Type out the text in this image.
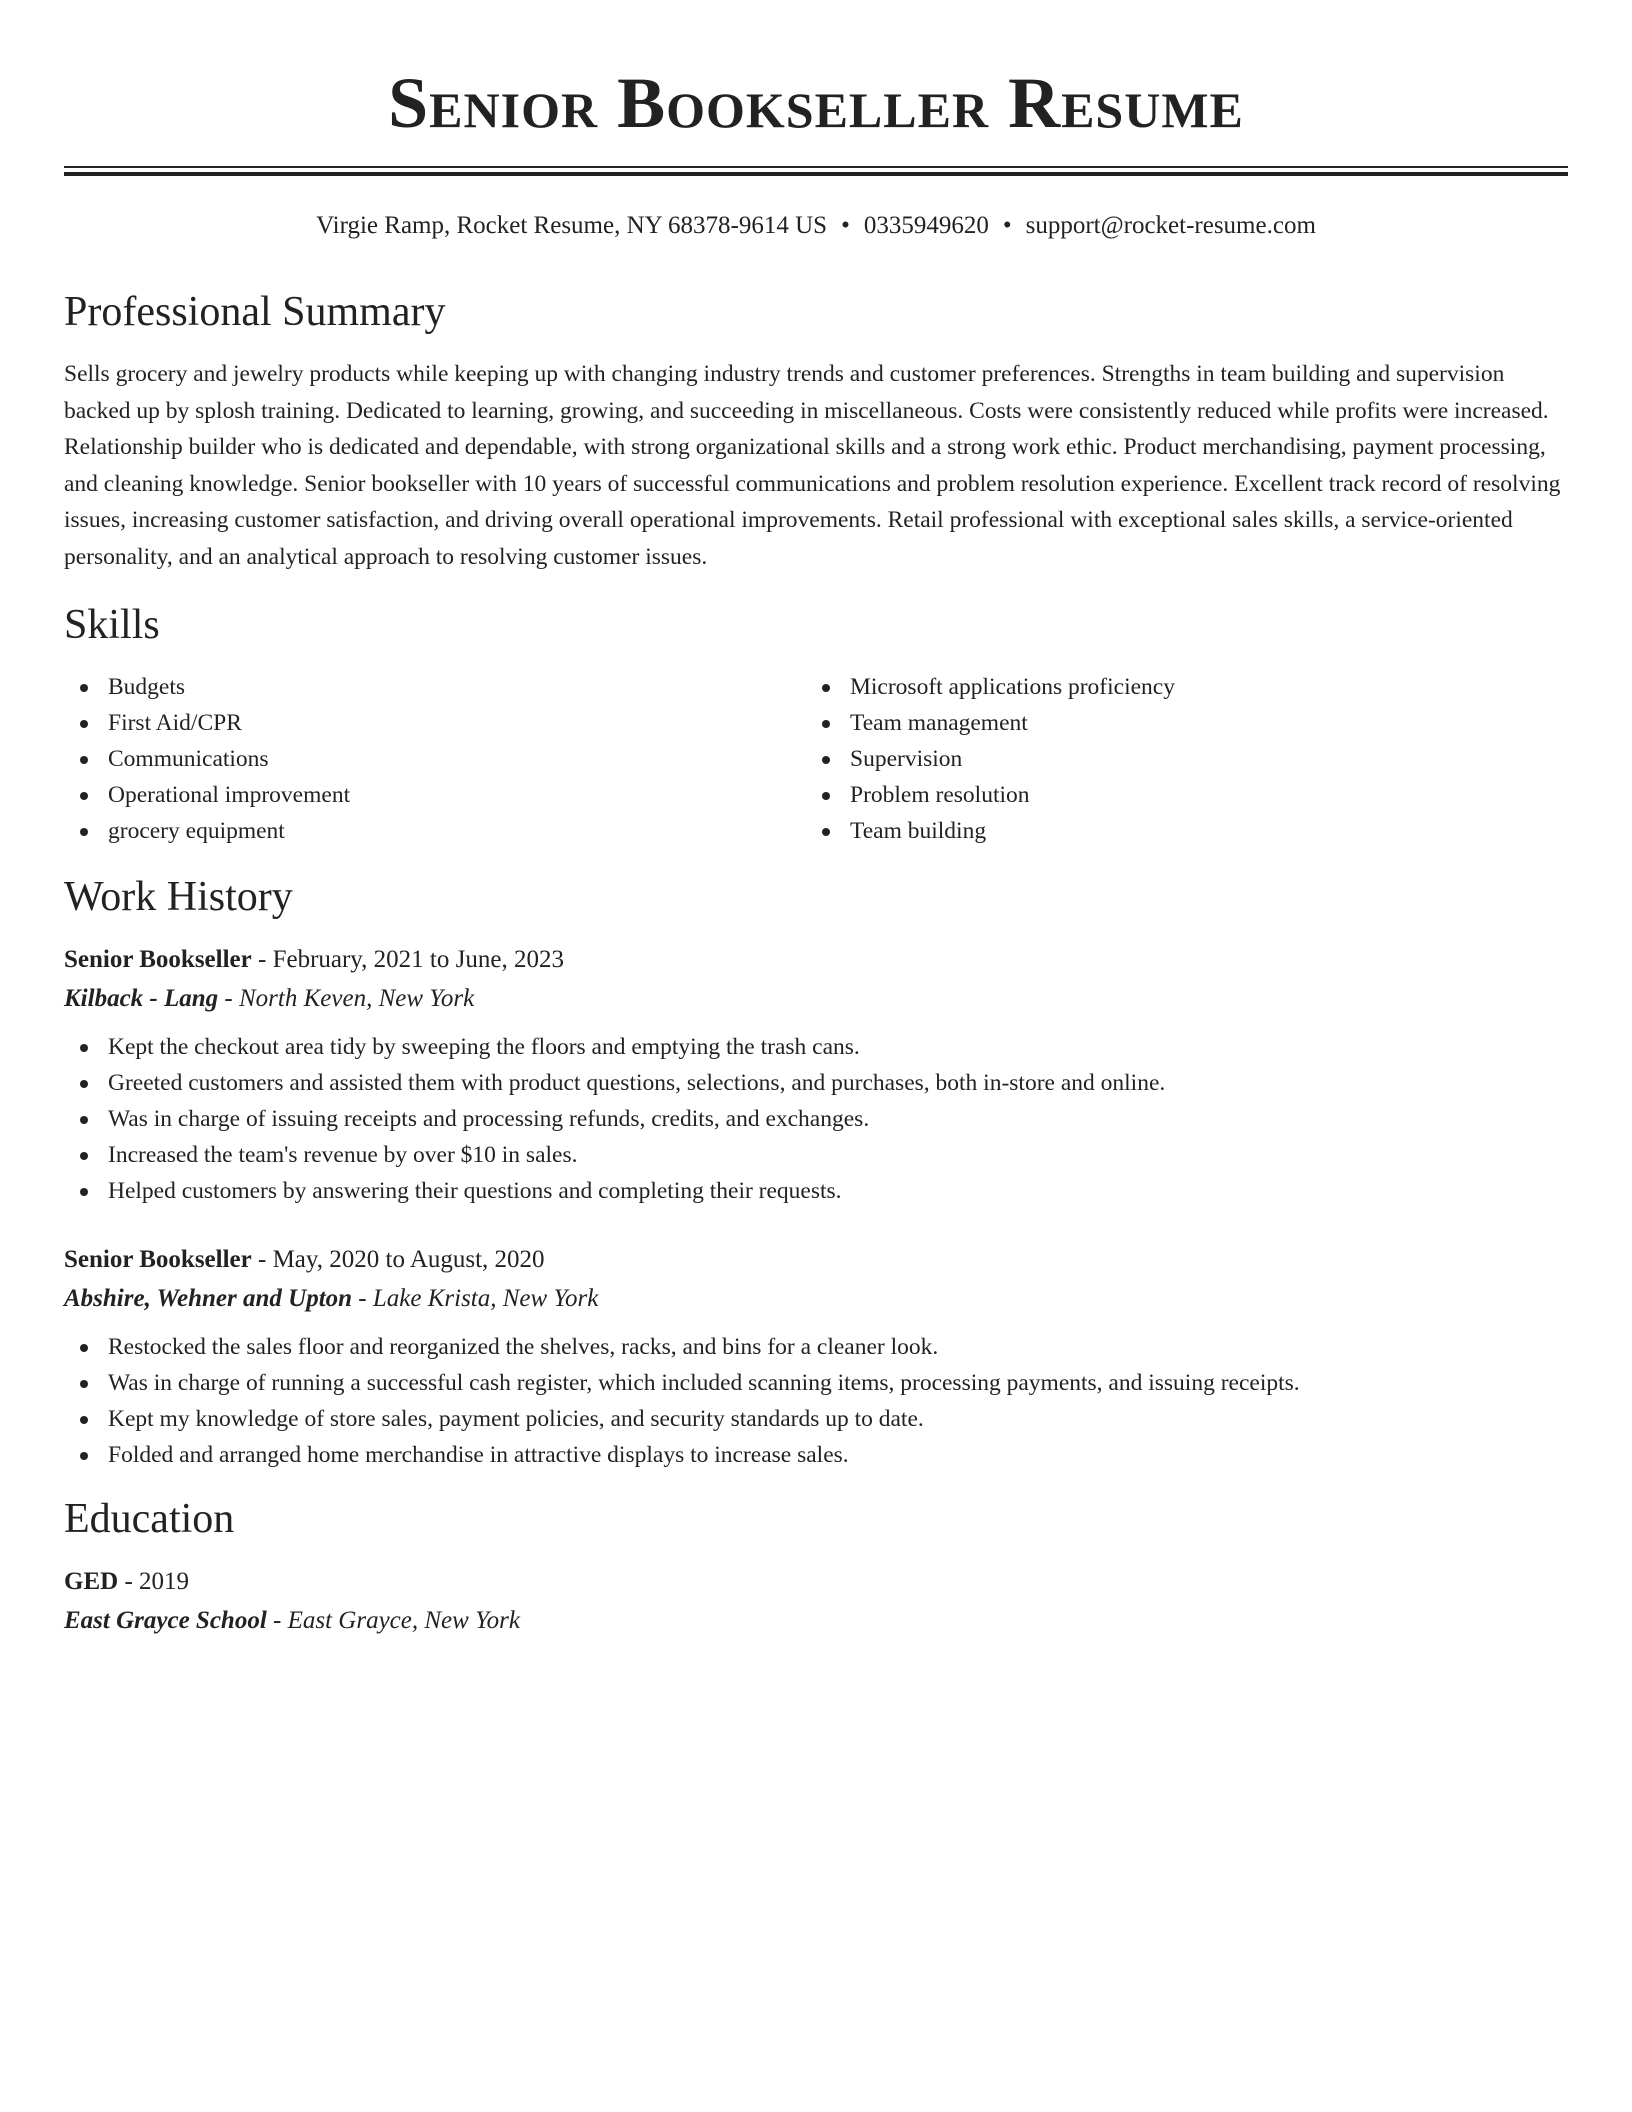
Senior Bookseller Resume
Virgie Ramp, Rocket Resume, NY 68378-9614 US • 0335949620 • support@rocket-resume.com
Professional Summary

Sells grocery and jewelry products while keeping up with changing industry trends and customer preferences. Strengths in team building and supervision backed up by splosh training. Dedicated to learning, growing, and succeeding in miscellaneous. Costs were consistently reduced while profits were increased. Relationship builder who is dedicated and dependable, with strong organizational skills and a strong work ethic. Product merchandising, payment processing, and cleaning knowledge. Senior bookseller with 10 years of successful communications and problem resolution experience. Excellent track record of resolving issues, increasing customer satisfaction, and driving overall operational improvements. Retail professional with exceptional sales skills, a service-oriented personality, and an analytical approach to resolving customer issues.

Skills
Budgets
First Aid/CPR
Communications
Operational improvement
grocery equipment
Microsoft applications proficiency
Team management
Supervision
Problem resolution
Team building
Work History
Senior Bookseller - February, 2021 to June, 2023
Kilback - Lang - North Keven, New York
Kept the checkout area tidy by sweeping the floors and emptying the trash cans.
Greeted customers and assisted them with product questions, selections, and purchases, both in-store and online.
Was in charge of issuing receipts and processing refunds, credits, and exchanges.
Increased the team's revenue by over $10 in sales.
Helped customers by answering their questions and completing their requests.
Senior Bookseller - May, 2020 to August, 2020
Abshire, Wehner and Upton - Lake Krista, New York
Restocked the sales floor and reorganized the shelves, racks, and bins for a cleaner look.
Was in charge of running a successful cash register, which included scanning items, processing payments, and issuing receipts.
Kept my knowledge of store sales, payment policies, and security standards up to date.
Folded and arranged home merchandise in attractive displays to increase sales.
Education
GED - 2019
East Grayce School - East Grayce, New York
